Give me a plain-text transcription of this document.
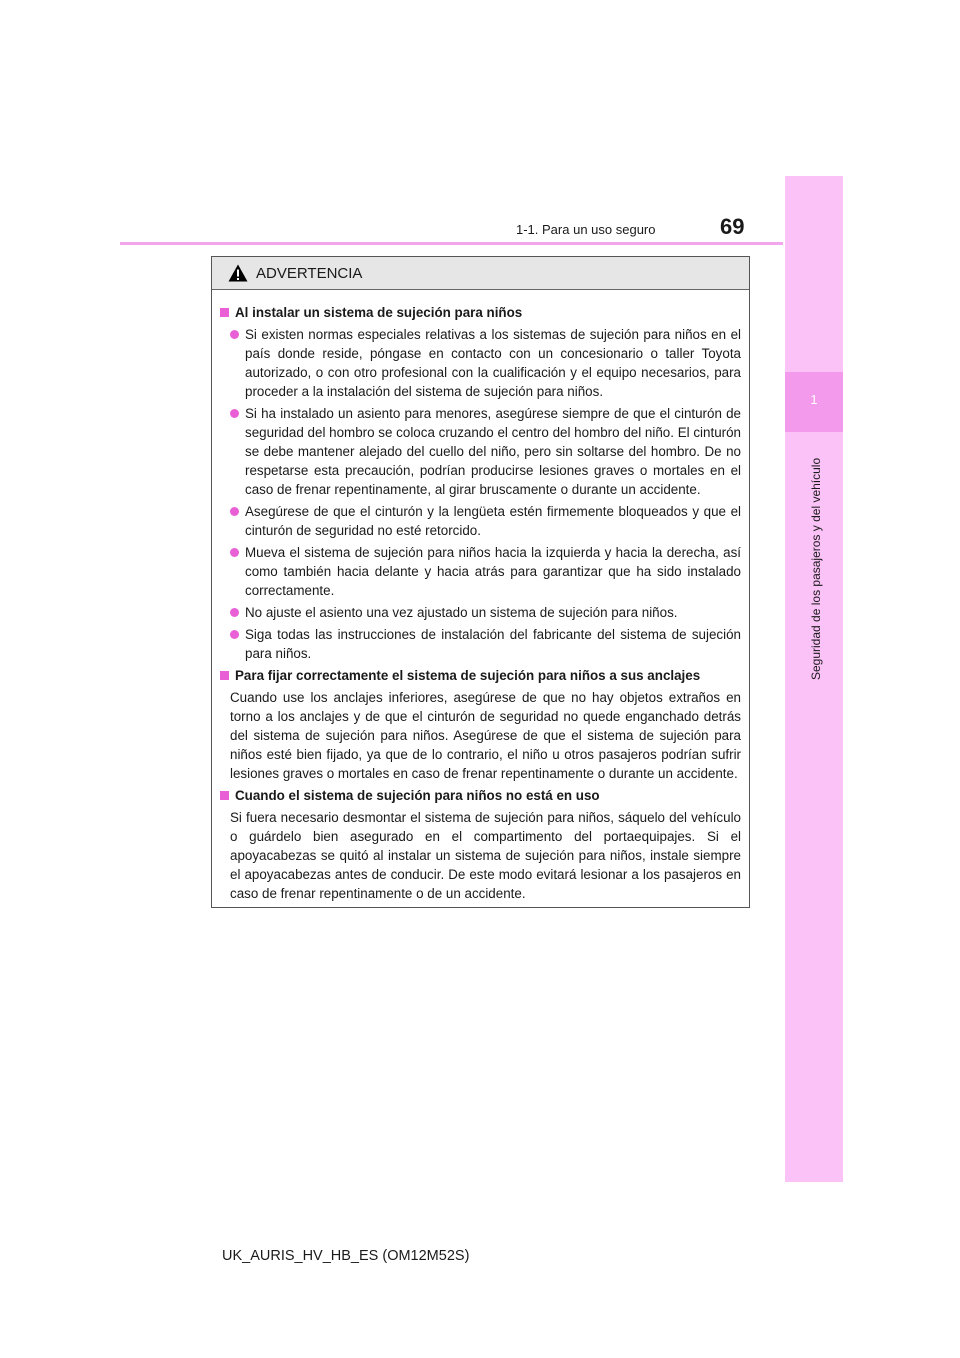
1-1. Para un uso seguro	69
1
Seguridad de los pasajeros y del vehículo
ADVERTENCIA
Al instalar un sistema de sujeción para niños
Si existen normas especiales relativas a los sistemas de sujeción para niños en el país donde reside, póngase en contacto con un concesionario o taller Toyota autorizado, o con otro profesional con la cualificación y el equipo necesarios, para proceder a la instalación del sistema de sujeción para niños.
Si ha instalado un asiento para menores, asegúrese siempre de que el cinturón de seguridad del hombro se coloca cruzando el centro del hombro del niño. El cinturón se debe mantener alejado del cuello del niño, pero sin soltarse del hombro. De no respetarse esta precaución, podrían producirse lesiones graves o mortales en el caso de frenar repentinamente, al girar bruscamente o durante un accidente.
Asegúrese de que el cinturón y la lengüeta estén firmemente bloqueados y que el cinturón de seguridad no esté retorcido.
Mueva el sistema de sujeción para niños hacia la izquierda y hacia la derecha, así como también hacia delante y hacia atrás para garantizar que ha sido instalado correctamente.
No ajuste el asiento una vez ajustado un sistema de sujeción para niños.
Siga todas las instrucciones de instalación del fabricante del sistema de sujeción para niños.
Para fijar correctamente el sistema de sujeción para niños a sus anclajes
Cuando use los anclajes inferiores, asegúrese de que no hay objetos extraños en torno a los anclajes y de que el cinturón de seguridad no quede enganchado detrás del sistema de sujeción para niños. Asegúrese de que el sistema de sujeción para niños esté bien fijado, ya que de lo contrario, el niño u otros pasajeros podrían sufrir lesiones graves o mortales en caso de frenar repentinamente o durante un accidente.
Cuando el sistema de sujeción para niños no está en uso
Si fuera necesario desmontar el sistema de sujeción para niños, sáquelo del vehículo o guárdelo bien asegurado en el compartimento del portaequipajes. Si el apoyacabezas se quitó al instalar un sistema de sujeción para niños, instale siempre el apoyacabezas antes de conducir. De este modo evitará lesionar a los pasajeros en caso de frenar repentinamente o de un accidente.
UK_AURIS_HV_HB_ES (OM12M52S)
